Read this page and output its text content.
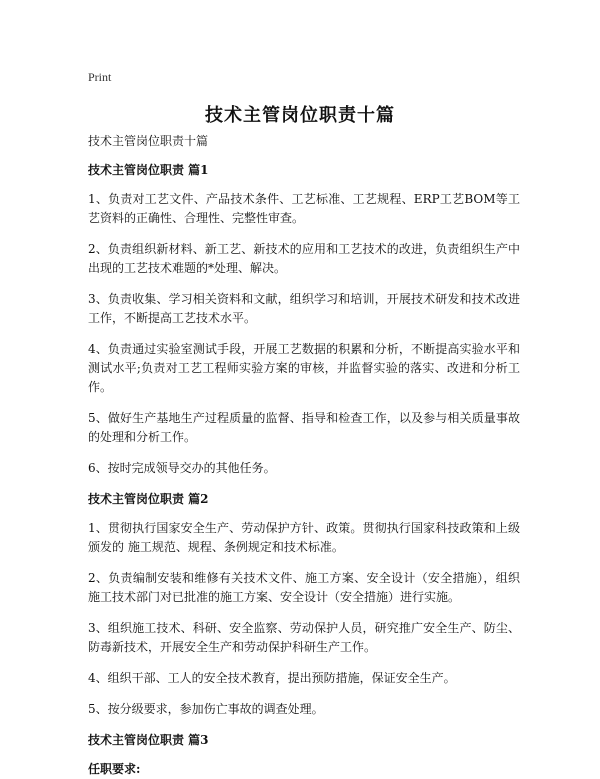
Print
技术主管岗位职责十篇

技术主管岗位职责十篇

技术主管岗位职责 篇1

1、负责对工艺文件、产品技术条件、工艺标准、工艺规程、ERP工艺BOM等工艺资料的正确性、合理性、完整性审查。

2、负责组织新材料、新工艺、新技术的应用和工艺技术的改进，负责组织生产中出现的工艺技术难题的*处理、解决。

3、负责收集、学习相关资料和文献，组织学习和培训，开展技术研发和技术改进工作，不断提高工艺技术水平。

4、负责通过实验室测试手段，开展工艺数据的积累和分析，不断提高实验水平和测试水平;负责对工艺工程师实验方案的审核，并监督实验的落实、改进和分析工作。

5、做好生产基地生产过程质量的监督、指导和检查工作，以及参与相关质量事故的处理和分析工作。

6、按时完成领导交办的其他任务。

技术主管岗位职责 篇2

1、贯彻执行国家安全生产、劳动保护方针、政策。贯彻执行国家科技政策和上级颁发的 施工规范、规程、条例规定和技术标准。

2、负责编制安装和维修有关技术文件、施工方案、安全设计（安全措施），组织施工技术部门对已批准的施工方案、安全设计（安全措施）进行实施。

3、组织施工技术、科研、安全监察、劳动保护人员，研究推广安全生产、防尘、防毒新技术，开展安全生产和劳动保护科研生产工作。

4、组织干部、工人的安全技术教育，提出预防措施，保证安全生产。

5、按分级要求，参加伤亡事故的调查处理。

技术主管岗位职责 篇3

任职要求:
